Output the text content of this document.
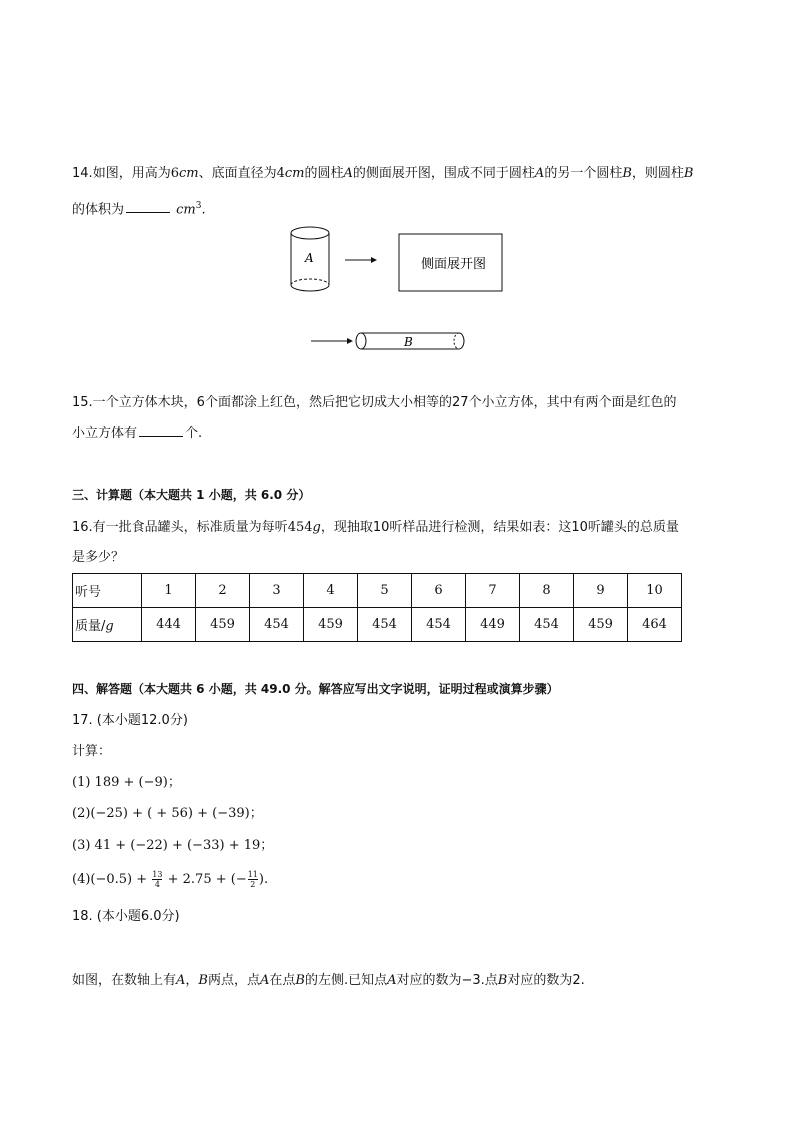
14.如图，用高为6cm、底面直径为4cm的圆柱A的侧面展开图，围成不同于圆柱A的另一个圆柱B，则圆柱B
的体积为	$cm^3$.
A	侧面展开图
B
15.一个立方体木块，6个面都涂上红色，然后把它切成大小相等的27个小立方体，其中有两个面是红色的
小立方体有	个.
三、计算题（本大题共 1 小题，共 6.0 分）
16.有一批食品罐头，标准质量为每听454g，现抽取10听样品进行检测，结果如表：这10听罐头的总质量
是多少？
听号	1	2	3	4	5	6	7	8	9	10
质量/g	444	459	454	459	454	454	449	454	459	464
四、解答题（本大题共 6 小题，共 49.0 分。解答应写出文字说明，证明过程或演算步骤）
17. (本小题12.0分)
计算：
(1) 189 + (−9)；
(2)(−25) + ( + 56) + (−39)；
(3) 41 + (−22) + (−33) + 19；
$(4)(-0.5) + \frac{13}{4} + 2.75$ + (− $\frac{11}{2}$ ).
18. (本小题6.0分)
如图，在数轴上有A，B两点，点A在点B的左侧.已知点A对应的数为−3.点B对应的数为2.
